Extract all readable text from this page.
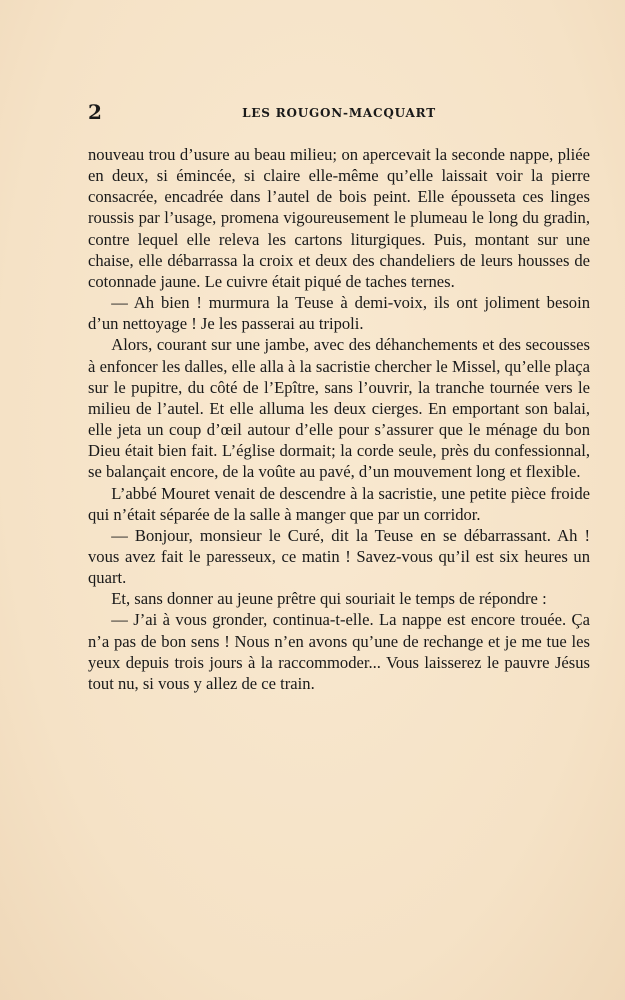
2	LES ROUGON-MACQUART

nouveau trou d’usure au beau milieu; on apercevait la seconde nappe, pliée en deux, si émincée, si claire elle-même qu’elle laissait voir la pierre consacrée, encadrée dans l’autel de bois peint. Elle épousseta ces linges roussis par l’usage, promena vigoureusement le plumeau le long du gradin, contre lequel elle releva les cartons liturgiques. Puis, montant sur une chaise, elle débarrassa la croix et deux des chandeliers de leurs housses de cotonnade jaune. Le cuivre était piqué de taches ternes.

— Ah bien ! murmura la Teuse à demi-voix, ils ont joliment besoin d’un nettoyage ! Je les passerai au tripoli.

Alors, courant sur une jambe, avec des déhanchements et des secousses à enfoncer les dalles, elle alla à la sacristie chercher le Missel, qu’elle plaça sur le pupitre, du côté de l’Epître, sans l’ouvrir, la tranche tournée vers le milieu de l’autel. Et elle alluma les deux cierges. En emportant son balai, elle jeta un coup d’œil autour d’elle pour s’assurer que le ménage du bon Dieu était bien fait. L’église dormait; la corde seule, près du confessionnal, se balançait encore, de la voûte au pavé, d’un mouvement long et flexible.

L’abbé Mouret venait de descendre à la sacristie, une petite pièce froide qui n’était séparée de la salle à manger que par un corridor.

— Bonjour, monsieur le Curé, dit la Teuse en se débarrassant. Ah ! vous avez fait le paresseux, ce matin ! Savez-vous qu’il est six heures un quart.

Et, sans donner au jeune prêtre qui souriait le temps de répondre :

— J’ai à vous gronder, continua-t-elle. La nappe est encore trouée. Ça n’a pas de bon sens ! Nous n’en avons qu’une de rechange et je me tue les yeux depuis trois jours à la raccommoder... Vous laisserez le pauvre Jésus tout nu, si vous y allez de ce train.
